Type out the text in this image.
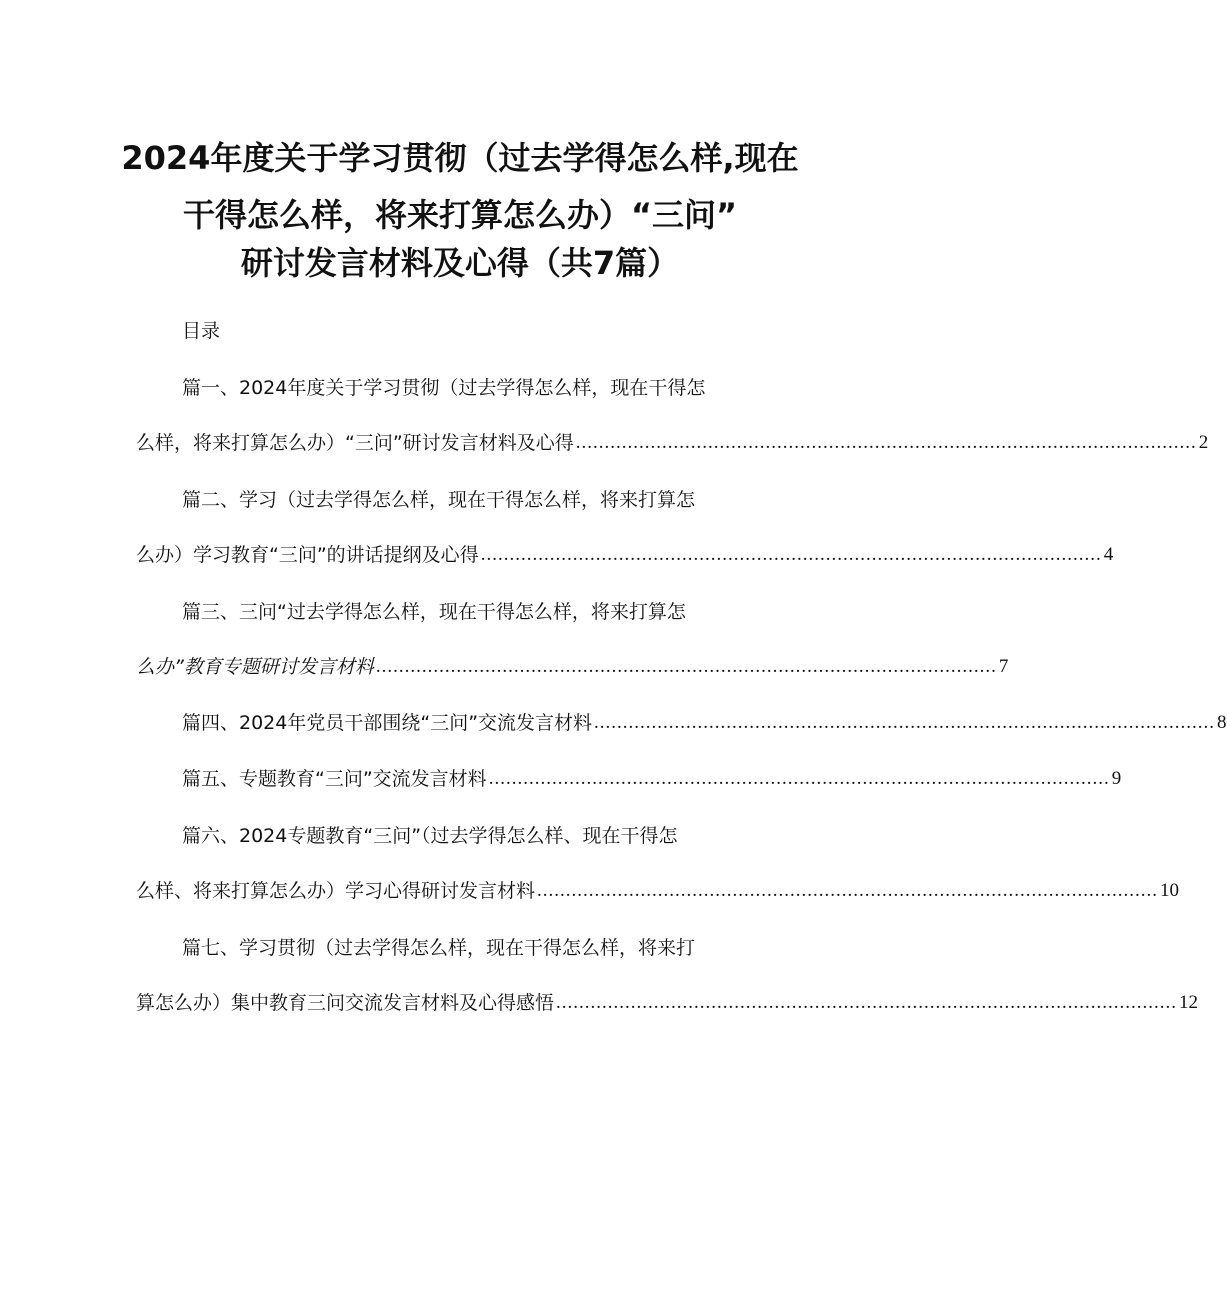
2024年度关于学习贯彻（过去学得怎么样,现在
干得怎么样，将来打算怎么办）“三问”
研讨发言材料及心得（共7篇）
目录
篇一、2024年度关于学习贯彻（过去学得怎么样，现在干得怎
么样，将来打算怎么办）“三问”研讨发言材料及心得 ............................................................................................................ 2
篇二、学习（过去学得怎么样，现在干得怎么样，将来打算怎
么办）学习教育“三问”的讲话提纲及心得 ............................................................................................................ 4
篇三、三问“过去学得怎么样，现在干得怎么样，将来打算怎
么办”教育专题研讨发言材料 ............................................................................................................ 7
篇四、2024年党员干部围绕“三问”交流发言材料 ............................................................................................................ 8
篇五、专题教育“三问”交流发言材料 ............................................................................................................ 9
篇六、2024专题教育“三问”（过去学得怎么样、现在干得怎
么样、将来打算怎么办）学习心得研讨发言材料 ............................................................................................................ 10
篇七、学习贯彻（过去学得怎么样，现在干得怎么样，将来打
算怎么办）集中教育三问交流发言材料及心得感悟 ............................................................................................................ 12
